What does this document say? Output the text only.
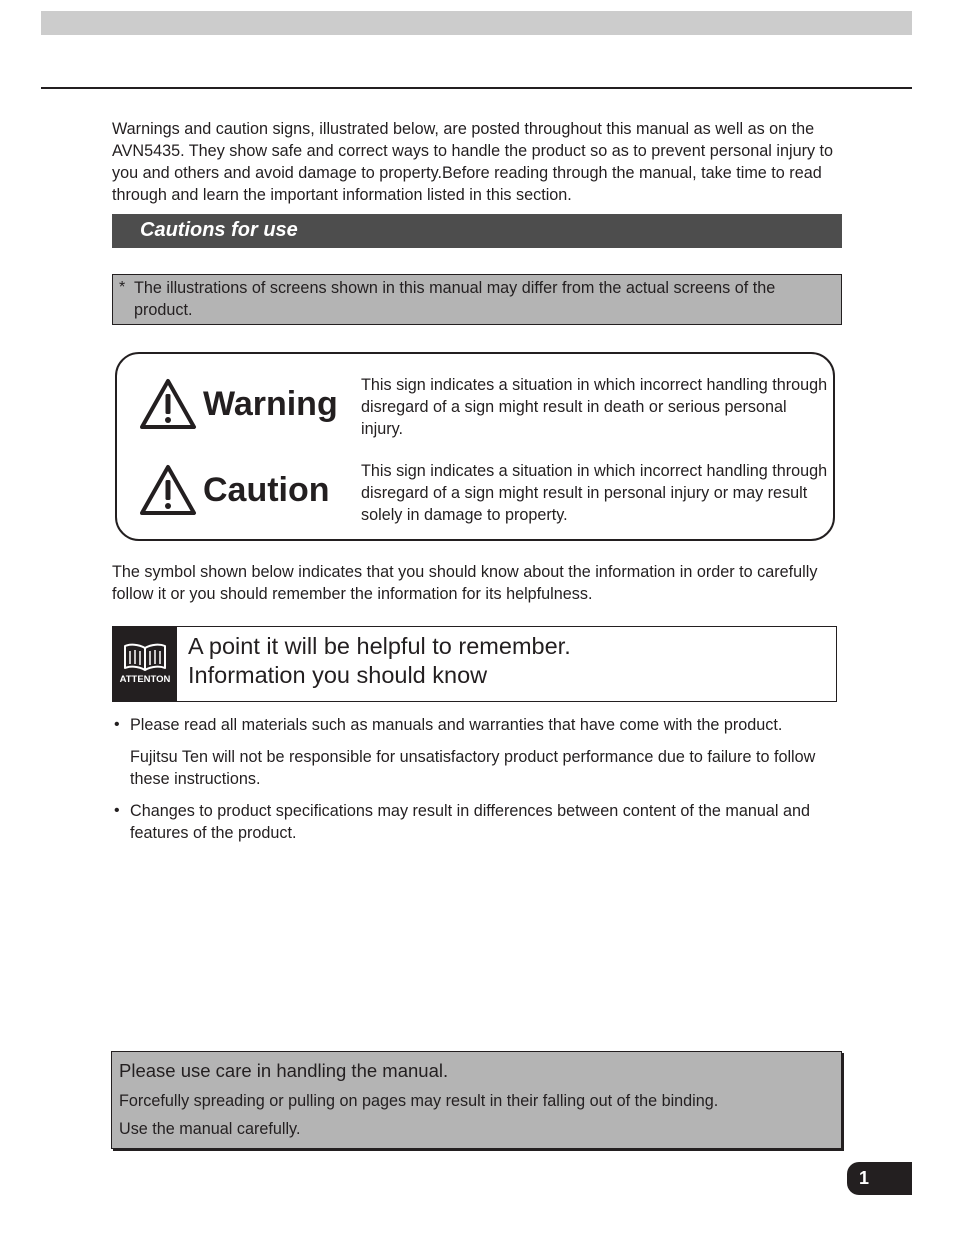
Warnings and caution signs, illustrated below, are posted throughout this manual as well as on the AVN5435. They show safe and correct ways to handle the product so as to prevent personal injury to you and others and avoid damage to property.Before reading through the manual, take time to read through and learn the important information listed in this section.

Cautions for use
* The illustrations of screens shown in this manual may differ from the actual screens of the product.
Warning This sign indicates a situation in which incorrect handling through disregard of a sign might result in death or serious personal injury.
Caution This sign indicates a situation in which incorrect handling through disregard of a sign might result in personal injury or may result solely in damage to property.

The symbol shown below indicates that you should know about the information in order to carefully follow it or you should remember the information for its helpfulness.

ATTENTON
A point it will be helpful to remember.
Information you should know
• Please read all materials such as manuals and warranties that have come with the product.
Fujitsu Ten will not be responsible for unsatisfactory product performance due to failure to follow these instructions.
• Changes to product specifications may result in differences between content of the manual and features of the product.
Please use care in handling the manual.
Forcefully spreading or pulling on pages may result in their falling out of the binding.
Use the manual carefully.
1
